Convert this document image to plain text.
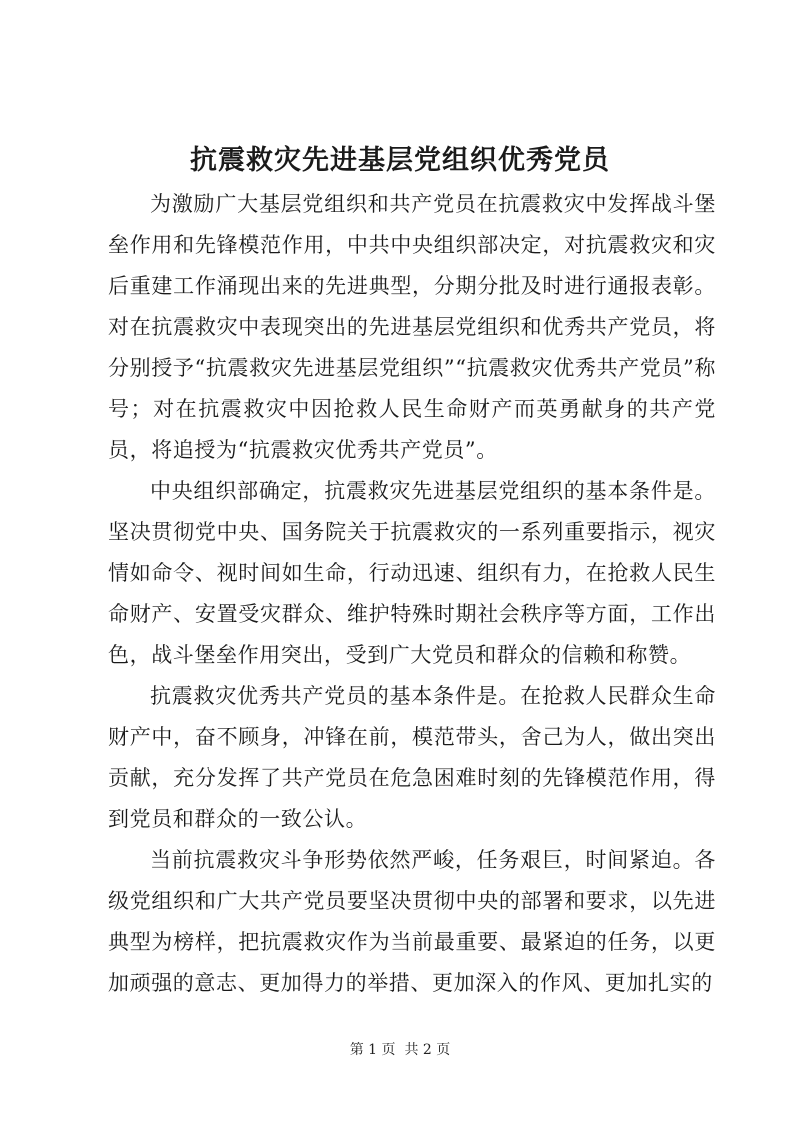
抗震救灾先进基层党组织优秀党员

为激励广大基层党组织和共产党员在抗震救灾中发挥战斗堡垒作用和先锋模范作用，中共中央组织部决定，对抗震救灾和灾后重建工作涌现出来的先进典型，分期分批及时进行通报表彰。对在抗震救灾中表现突出的先进基层党组织和优秀共产党员，将分别授予“抗震救灾先进基层党组织”“抗震救灾优秀共产党员”称号；对在抗震救灾中因抢救人民生命财产而英勇献身的共产党员，将追授为“抗震救灾优秀共产党员”。

中央组织部确定，抗震救灾先进基层党组织的基本条件是。坚决贯彻党中央、国务院关于抗震救灾的一系列重要指示，视灾情如命令、视时间如生命，行动迅速、组织有力，在抢救人民生命财产、安置受灾群众、维护特殊时期社会秩序等方面，工作出色，战斗堡垒作用突出，受到广大党员和群众的信赖和称赞。

抗震救灾优秀共产党员的基本条件是。在抢救人民群众生命财产中，奋不顾身，冲锋在前，模范带头，舍己为人，做出突出贡献，充分发挥了共产党员在危急困难时刻的先锋模范作用，得到党员和群众的一致公认。

当前抗震救灾斗争形势依然严峻，任务艰巨，时间紧迫。各级党组织和广大共产党员要坚决贯彻中央的部署和要求，以先进典型为榜样，把抗震救灾作为当前最重要、最紧迫的任务，以更加顽强的意志、更加得力的举措、更加深入的作风、更加扎实的

第 1 页  共 2 页
